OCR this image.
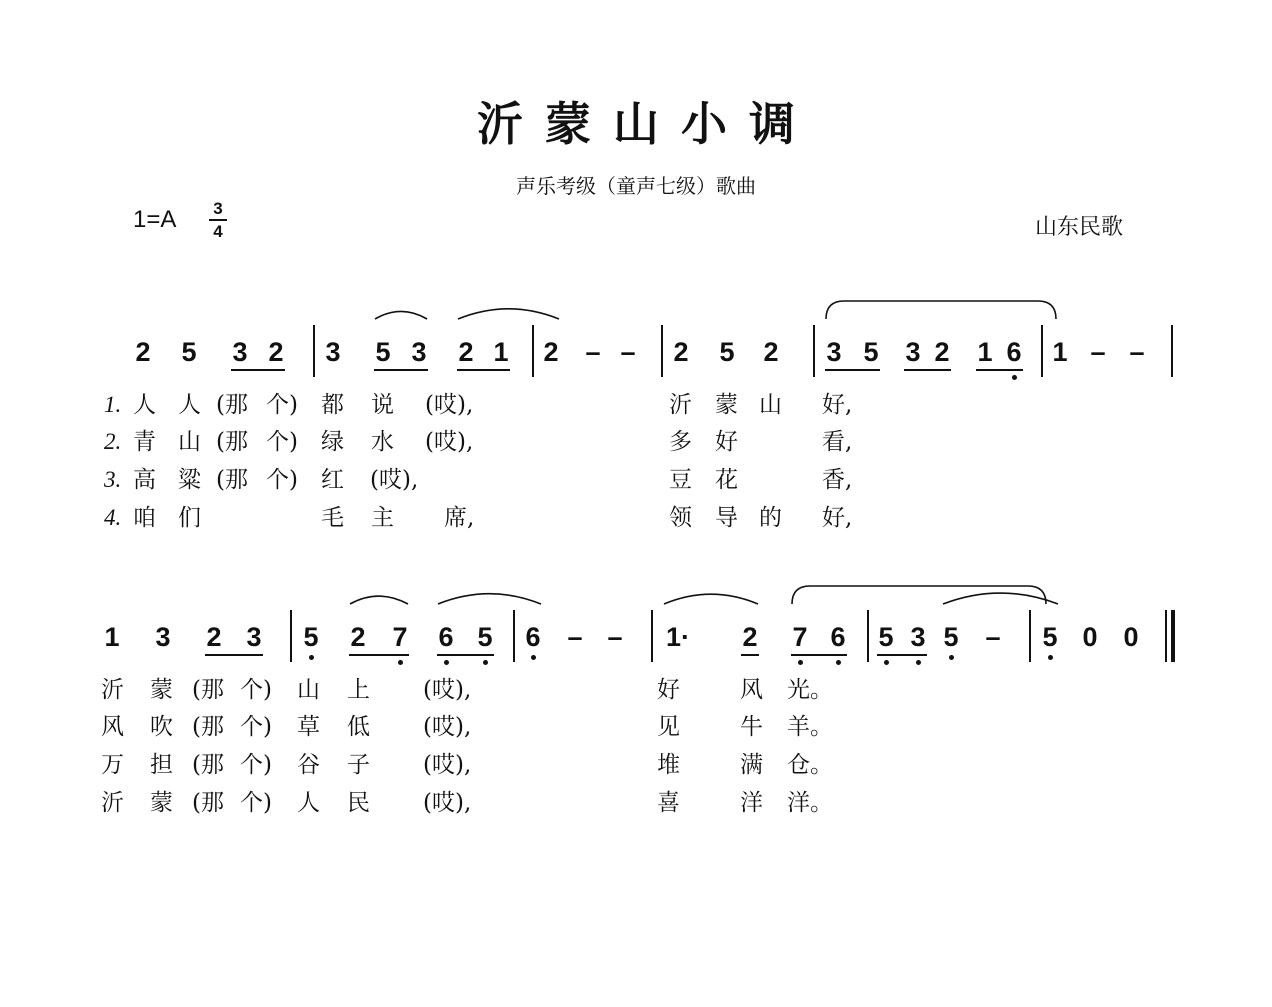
沂蒙山小调
声乐考级（童声七级）歌曲
1=A 3
4	山东民歌
2 5 3 2 3 5 3 2 1 2 – – 2 5 2 3 5 3 2 1 6 1 – –
1. 人 人 (那 个) 都 说 (哎),	沂 蒙 山 好,
2. 青 山 (那 个) 绿 水 (哎),	多 好	看,
3. 高 粱 (那 个) 红 (哎),	豆 花	香,
4. 咱 们	毛 主 席,	领 导 的 好,
1 3 2 3 5 2 7 6 5 6 – – 1· 2 7 6 5 3 5 – 5 0 0
沂 蒙 (那 个) 山 上 (哎),	好	风 光。
风 吹 (那 个) 草 低 (哎),	见	牛 羊。
万 担 (那 个) 谷 子 (哎),	堆	满 仓。
沂 蒙 (那 个) 人 民 (哎),	喜	洋 洋。
